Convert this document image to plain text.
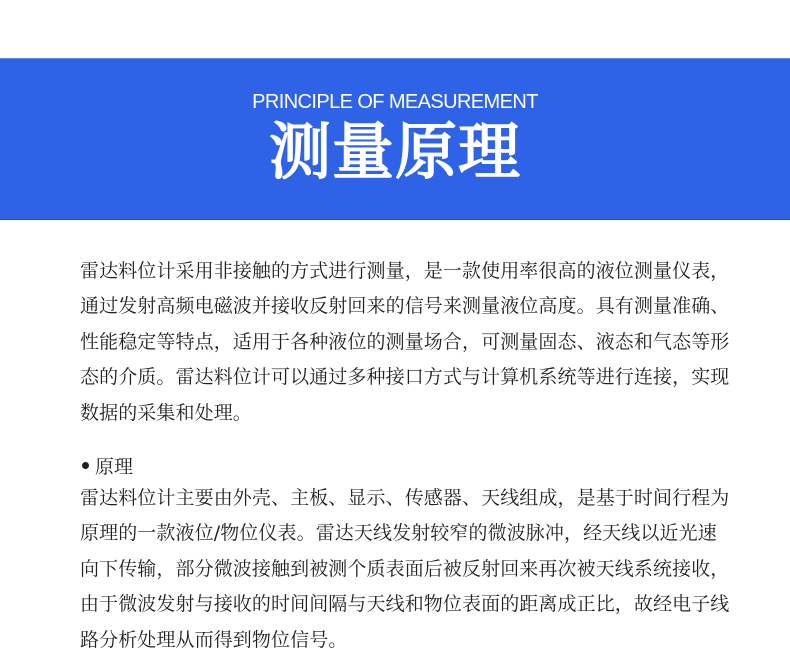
PRINCIPLE OF MEASUREMENT
测量原理

雷达料位计采用非接触的方式进行测量，是一款使用率很高的液位测量仪表，通过发射高频电磁波并接收反射回来的信号来测量液位高度。具有测量准确、性能稳定等特点，适用于各种液位的测量场合，可测量固态、液态和气态等形态的介质。雷达料位计可以通过多种接口方式与计算机系统等进行连接，实现数据的采集和处理。

原理

雷达料位计主要由外壳、主板、显示、传感器、天线组成，是基于时间行程为原理的一款液位/物位仪表。雷达天线发射较窄的微波脉冲，经天线以近光速向下传输，部分微波接触到被测个质表面后被反射回来再次被天线系统接收，由于微波发射与接收的时间间隔与天线和物位表面的距离成正比，故经电子线路分析处理从而得到物位信号。
